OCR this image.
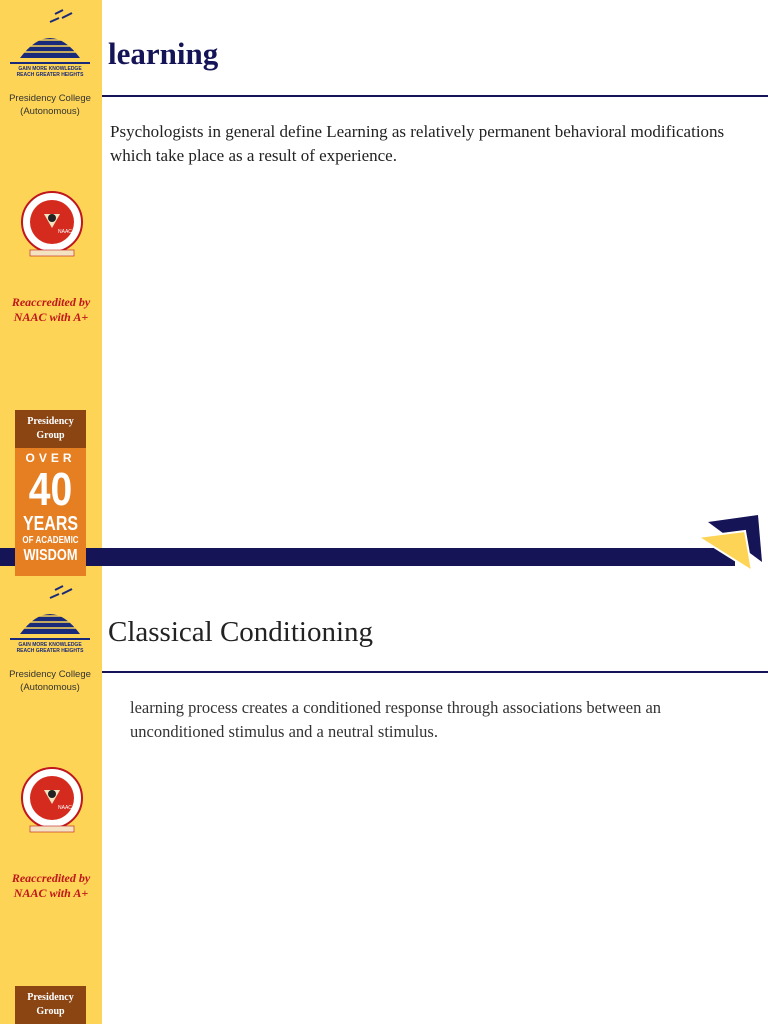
GAIN MORE KNOWLEDGE
REACH GREATER HEIGHTS
Presidency College
(Autonomous)
NAAC
Reaccredited by
NAAC with A+
Presidency
Group
OVER
40
YEARS
OF ACADEMIC
WISDOM
learning
Psychologists in general define Learning as relatively permanent behavioral modifications which take place as a result of experience.
GAIN MORE KNOWLEDGE
REACH GREATER HEIGHTS
Presidency College
(Autonomous)
NAAC
Reaccredited by
NAAC with A+
Presidency
Group
Classical Conditioning
learning process creates a conditioned response through associations between an unconditioned stimulus and a neutral stimulus.
